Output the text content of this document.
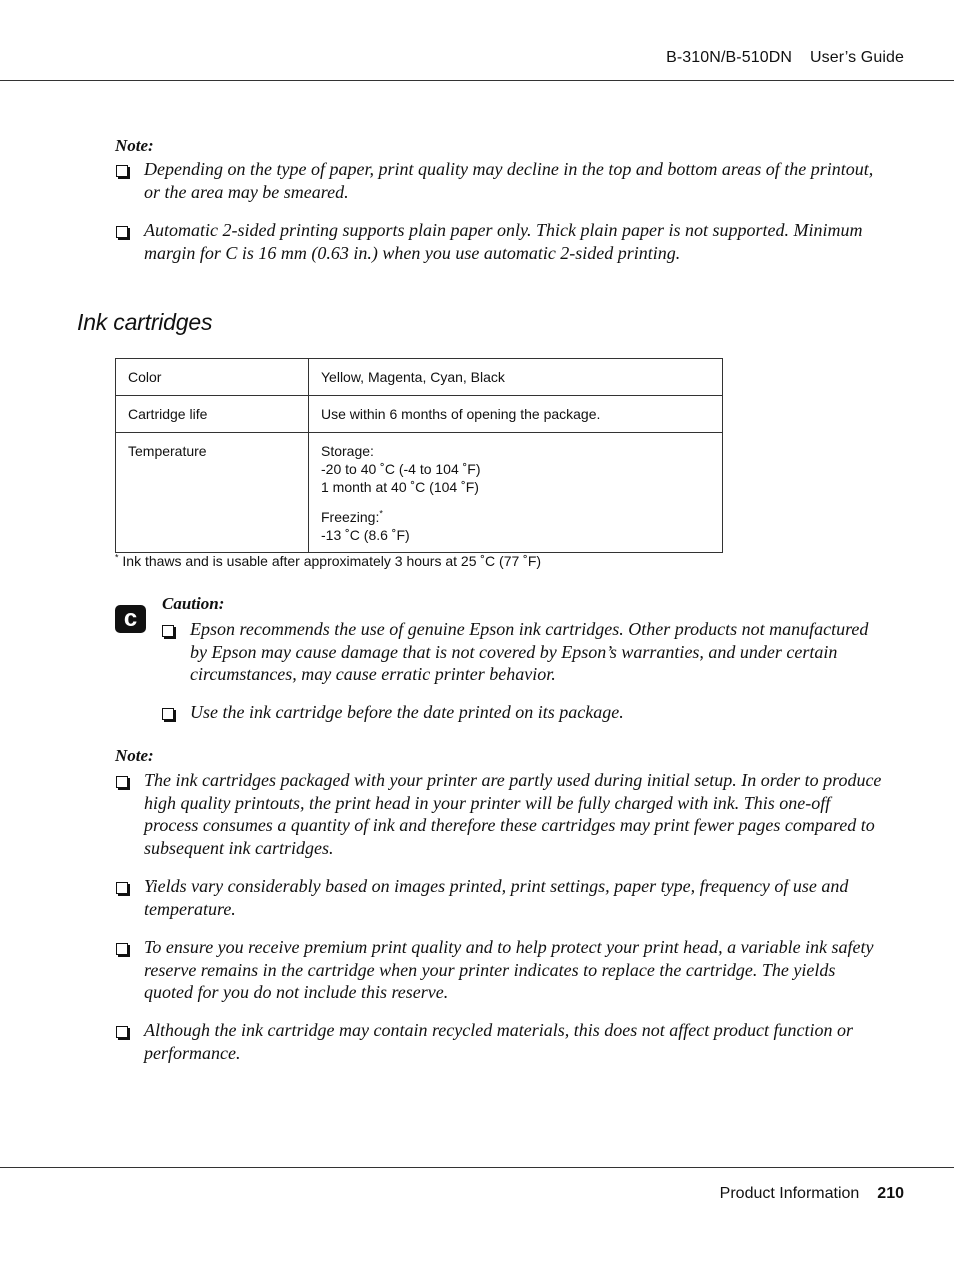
B-310N/B-510DN User’s Guide
Note:
Depending on the type of paper, print quality may decline in the top and bottom areas of the printout, or the area may be smeared.
Automatic 2-sided printing supports plain paper only. Thick plain paper is not supported. Minimum margin for C is 16 mm (0.63 in.) when you use automatic 2-sided printing.
Ink cartridges
Color	Yellow, Magenta, Cyan, Black
Cartridge life	Use within 6 months of opening the package.
Temperature	Storage:
-20 to 40 ˚C (-4 to 104 ˚F)
1 month at 40 ˚C (104 ˚F)
Freezing:*
-13 ˚C (8.6 ˚F)
* Ink thaws and is usable after approximately 3 hours at 25 ˚C (77 ˚F)
c
Caution:
Epson recommends the use of genuine Epson ink cartridges. Other products not manufactured by Epson may cause damage that is not covered by Epson’s warranties, and under certain circumstances, may cause erratic printer behavior.
Use the ink cartridge before the date printed on its package.
Note:
The ink cartridges packaged with your printer are partly used during initial setup. In order to produce high quality printouts, the print head in your printer will be fully charged with ink. This one-off process consumes a quantity of ink and therefore these cartridges may print fewer pages compared to subsequent ink cartridges.
Yields vary considerably based on images printed, print settings, paper type, frequency of use and temperature.
To ensure you receive premium print quality and to help protect your print head, a variable ink safety reserve remains in the cartridge when your printer indicates to replace the cartridge. The yields quoted for you do not include this reserve.
Although the ink cartridge may contain recycled materials, this does not affect product function or performance.
Product Information 210
